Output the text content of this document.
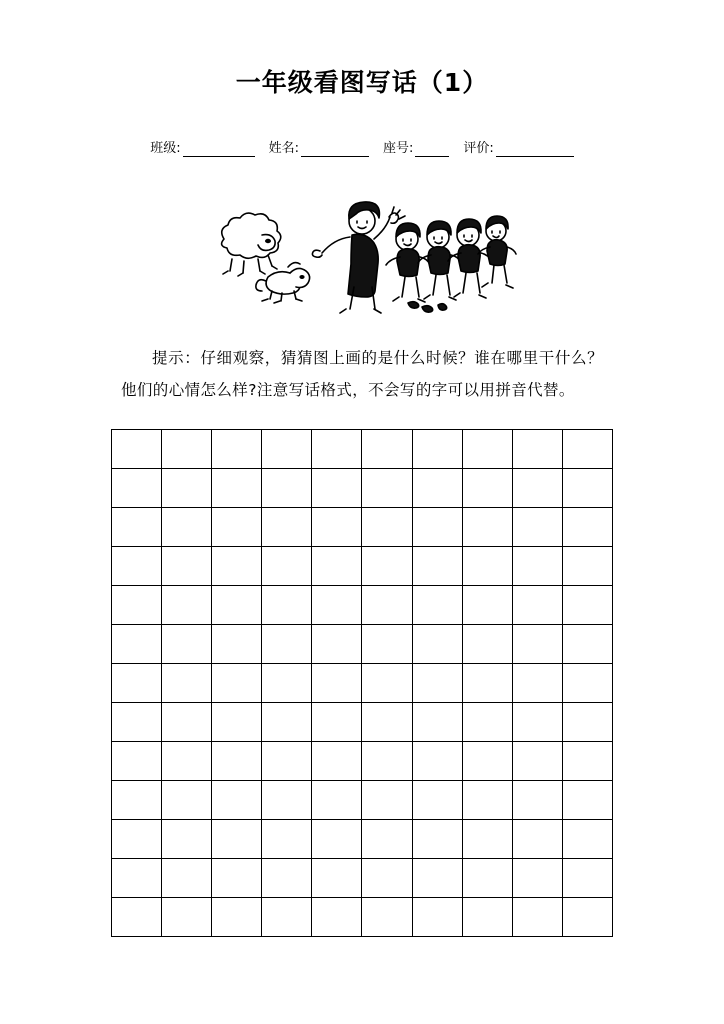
一年级看图写话（1）
班级:	姓名:	座号:	评价:

提示：仔细观察，猜猜图上画的是什么时候？谁在哪里干什么？他们的心情怎么样?注意写话格式，不会写的字可以用拼音代替。
